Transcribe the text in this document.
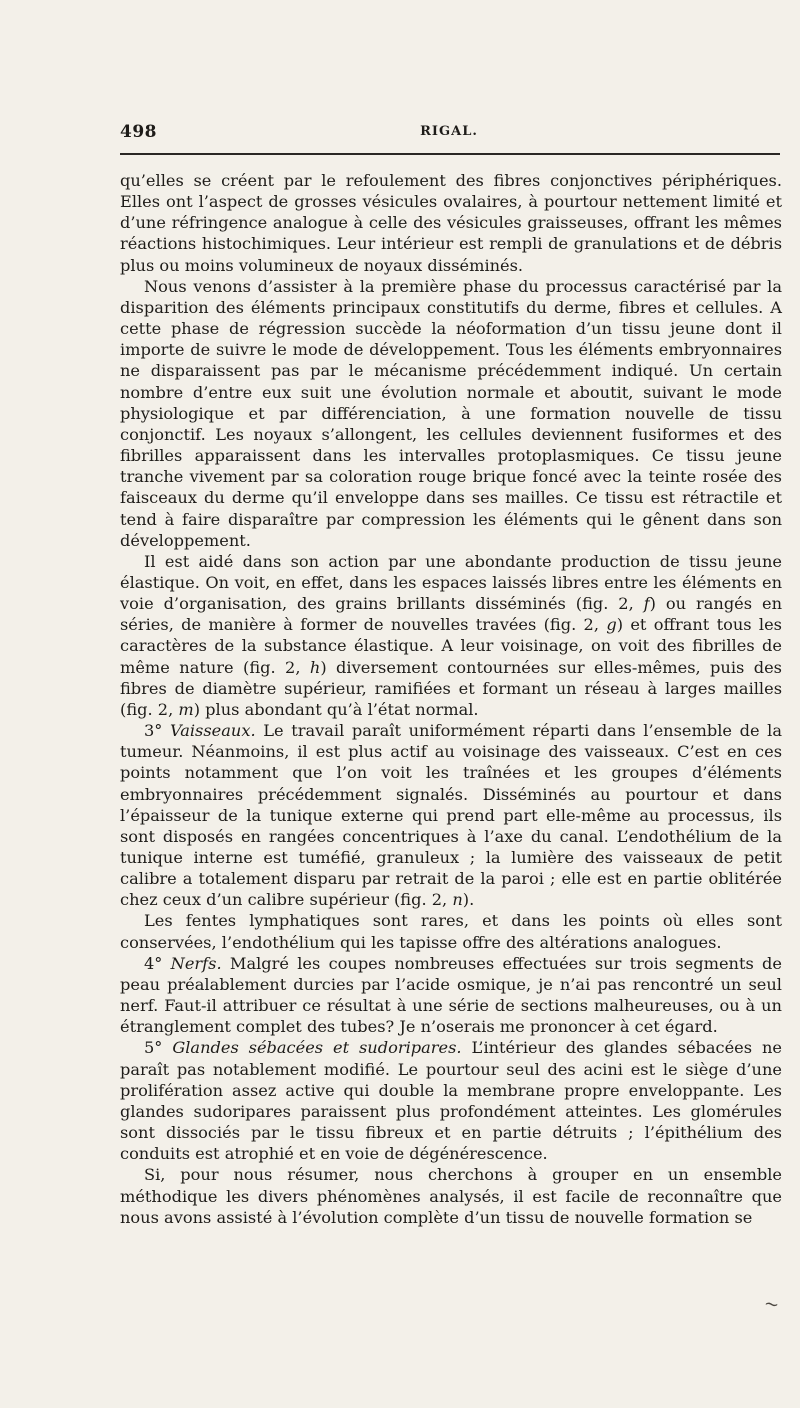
498	RIGAL.

qu’elles se créent par le refoulement des fibres conjonctives périphériques. Elles ont l’aspect de grosses vésicules ovalaires, à pourtour nettement limité et d’une réfringence analogue à celle des vésicules graisseuses, offrant les mêmes réactions histochimiques. Leur intérieur est rempli de granulations et de débris plus ou moins volumineux de noyaux disséminés.

Nous venons d’assister à la première phase du processus caractérisé par la disparition des éléments principaux constitutifs du derme, fibres et cellules. A cette phase de régression succède la néoformation d’un tissu jeune dont il importe de suivre le mode de développement. Tous les éléments embryonnaires ne disparaissent pas par le mécanisme précédemment indiqué. Un certain nombre d’entre eux suit une évolution normale et aboutit, suivant le mode physiologique et par différenciation, à une formation nouvelle de tissu conjonctif. Les noyaux s’allongent, les cellules deviennent fusiformes et des fibrilles apparaissent dans les intervalles protoplasmiques. Ce tissu jeune tranche vivement par sa coloration rouge brique foncé avec la teinte rosée des faisceaux du derme qu’il enveloppe dans ses mailles. Ce tissu est rétractile et tend à faire disparaître par compression les éléments qui le gênent dans son développement.

Il est aidé dans son action par une abondante production de tissu jeune élastique. On voit, en effet, dans les espaces laissés libres entre les éléments en voie d’organisation, des grains brillants disséminés (fig. 2, f) ou rangés en séries, de manière à former de nouvelles travées (fig. 2, g) et offrant tous les caractères de la substance élastique. A leur voisinage, on voit des fibrilles de même nature (fig. 2, h) diversement contournées sur elles-mêmes, puis des fibres de diamètre supérieur, ramifiées et formant un réseau à larges mailles (fig. 2, m) plus abondant qu’à l’état normal.

3° Vaisseaux. Le travail paraît uniformément réparti dans l’ensemble de la tumeur. Néanmoins, il est plus actif au voisinage des vaisseaux. C’est en ces points notamment que l’on voit les traînées et les groupes d’éléments embryonnaires précédemment signalés. Disséminés au pourtour et dans l’épaisseur de la tunique externe qui prend part elle-même au processus, ils sont disposés en rangées concentriques à l’axe du canal. L’endothélium de la tunique interne est tuméfié, granuleux ; la lumière des vaisseaux de petit calibre a totalement disparu par retrait de la paroi ; elle est en partie oblitérée chez ceux d’un calibre supérieur (fig. 2, n).

Les fentes lymphatiques sont rares, et dans les points où elles sont conservées, l’endothélium qui les tapisse offre des altérations analogues.

4° Nerfs. Malgré les coupes nombreuses effectuées sur trois segments de peau préalablement durcies par l’acide osmique, je n’ai pas rencontré un seul nerf. Faut-il attribuer ce résultat à une série de sections malheureuses, ou à un étranglement complet des tubes? Je n’oserais me prononcer à cet égard.

5° Glandes sébacées et sudoripares. L’intérieur des glandes sébacées ne paraît pas notablement modifié. Le pourtour seul des acini est le siège d’une prolifération assez active qui double la membrane propre enveloppante. Les glandes sudoripares paraissent plus profondément atteintes. Les glomérules sont dissociés par le tissu fibreux et en partie détruits ; l’épithélium des conduits est atrophié et en voie de dégénérescence.

Si, pour nous résumer, nous cherchons à grouper en un ensemble méthodique les divers phénomènes analysés, il est facile de reconnaître que nous avons assisté à l’évolution complète d’un tissu de nouvelle formation se

~
